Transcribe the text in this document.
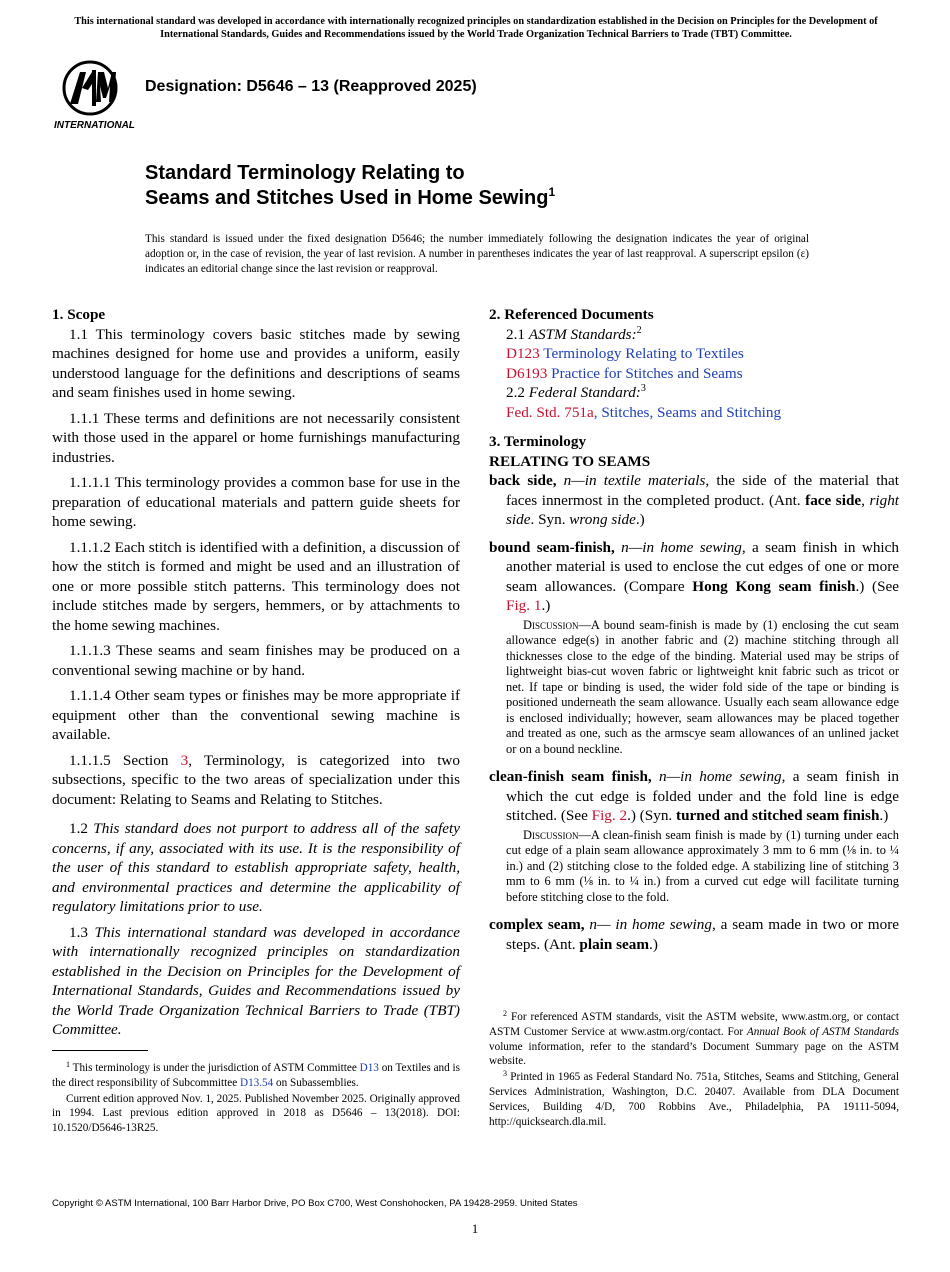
This international standard was developed in accordance with internationally recognized principles on standardization established in the Decision on Principles for the Development of International Standards, Guides and Recommendations issued by the World Trade Organization Technical Barriers to Trade (TBT) Committee.
INTERNATIONAL
Designation: D5646 – 13 (Reapproved 2025)
Standard Terminology Relating to
Seams and Stitches Used in Home Sewing$^1$
This standard is issued under the fixed designation D5646; the number immediately following the designation indicates the year of original adoption or, in the case of revision, the year of last revision. A number in parentheses indicates the year of last reapproval. A superscript epsilon (ε) indicates an editorial change since the last revision or reapproval.

1. Scope

1.1 This terminology covers basic stitches made by sewing machines designed for home use and provides a uniform, easily understood language for the definitions and descriptions of seams and seam finishes used in home sewing.

1.1.1 These terms and definitions are not necessarily consistent with those used in the apparel or home furnishings manufacturing industries.

1.1.1.1 This terminology provides a common base for use in the preparation of educational materials and pattern guide sheets for home sewing.

1.1.1.2 Each stitch is identified with a definition, a discussion of how the stitch is formed and might be used and an illustration of one or more possible stitch patterns. This terminology does not include stitches made by sergers, hemmers, or by attachments to the home sewing machines.

1.1.1.3 These seams and seam finishes may be produced on a conventional sewing machine or by hand.

1.1.1.4 Other seam types or finishes may be more appropriate if equipment other than the conventional sewing machine is available.

1.1.1.5 Section 3, Terminology, is categorized into two subsections, specific to the two areas of specialization under this document: Relating to Seams and Relating to Stitches.

1.2 This standard does not purport to address all of the safety concerns, if any, associated with its use. It is the responsibility of the user of this standard to establish appropriate safety, health, and environmental practices and determine the applicability of regulatory limitations prior to use.

1.3 This international standard was developed in accordance with internationally recognized principles on standardization established in the Decision on Principles for the Development of International Standards, Guides and Recommendations issued by the World Trade Organization Technical Barriers to Trade (TBT) Committee.

2. Referenced Documents

2.1 ASTM Standards:$^2$
D123 Terminology Relating to Textiles
D6193 Practice for Stitches and Seams
2.2 Federal Standard:$^3$
Fed. Std. 751a, Stitches, Seams and Stitching

3. Terminology

RELATING TO SEAMS

back side, n—in textile materials, the side of the material that faces innermost in the completed product. (Ant. face side, right side. Syn. wrong side.)

bound seam-finish, n—in home sewing, a seam finish in which another material is used to enclose the cut edges of one or more seam allowances. (Compare Hong Kong seam finish.) (See Fig. 1.)

Discussion—A bound seam-finish is made by (1) enclosing the cut seam allowance edge(s) in another fabric and (2) machine stitching through all thicknesses close to the edge of the binding. Material used may be strips of lightweight bias-cut woven fabric or lightweight knit fabric such as tricot or net. If tape or binding is used, the wider fold side of the tape or binding is positioned underneath the seam allowance. Usually each seam allowance edge is enclosed individually; however, seam allowances may be placed together and treated as one, such as the armscye seam allowances of an unlined jacket or on a bound neckline.

clean-finish seam finish, n—in home sewing, a seam finish in which the cut edge is folded under and the fold line is edge stitched. (See Fig. 2.) (Syn. turned and stitched seam finish.)

Discussion—A clean-finish seam finish is made by (1) turning under each cut edge of a plain seam allowance approximately 3 mm to 6 mm (⅛ in. to ¼ in.) and (2) stitching close to the folded edge. A stabilizing line of stitching 3 mm to 6 mm (⅛ in. to ¼ in.) from a curved cut edge will facilitate turning before stitching close to the fold.

complex seam, n— in home sewing, a seam made in two or more steps. (Ant. plain seam.)

$^1$ This terminology is under the jurisdiction of ASTM Committee D13 on Textiles and is the direct responsibility of Subcommittee D13.54 on Subassemblies.

Current edition approved Nov. 1, 2025. Published November 2025. Originally approved in 1994. Last previous edition approved in 2018 as D5646 – 13(2018). DOI: 10.1520/D5646-13R25.

$^2$ For referenced ASTM standards, visit the ASTM website, www.astm.org, or contact ASTM Customer Service at www.astm.org/contact. For Annual Book of ASTM Standards volume information, refer to the standard’s Document Summary page on the ASTM website.

$^3$ Printed in 1965 as Federal Standard No. 751a, Stitches, Seams and Stitching, General Services Administration, Washington, D.C. 20407. Available from DLA Document Services, Building 4/D, 700 Robbins Ave., Philadelphia, PA 19111-5094, http://quicksearch.dla.mil.

Copyright © ASTM International, 100 Barr Harbor Drive, PO Box C700, West Conshohocken, PA 19428-2959. United States
1
